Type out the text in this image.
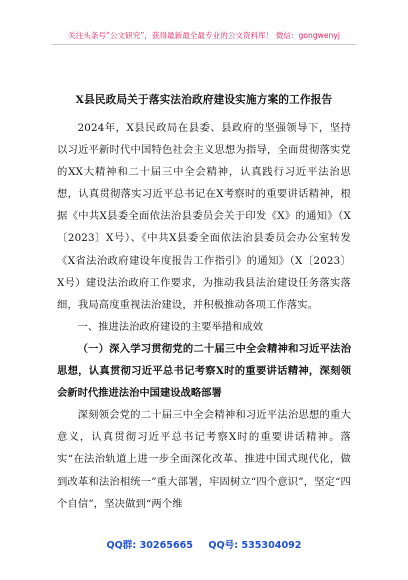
关注头条号“公文研究”，获得最新最全最专业的公文资料库！ 微信：gongwenyj
X县民政局关于落实法治政府建设实施方案的工作报告

2024年，X县民政局在县委、县政府的坚强领导下，坚持以习近平新时代中国特色社会主义思想为指导，全面贯彻落实党的XX大精神和二十届三中全会精神，认真践行习近平法治思想，认真贯彻落实习近平总书记在X考察时的重要讲话精神，根据《中共X县委全面依法治县委员会关于印发《X》的通知》（X〔2023〕X号）、《中共X县委全面依法治县委员会办公室转发《X省法治政府建设年度报告工作指引》的通知》（X〔2023〕X号）建设法治政府工作要求，为推动我县法治建设任务落实落细，我局高度重视法治建设，并积极推动各项工作落实。

一、推进法治政府建设的主要举措和成效

（一）深入学习贯彻党的二十届三中全会精神和习近平法治思想，认真贯彻习近平总书记考察X时的重要讲话精神，深刻领会新时代推进法治中国建设战略部署

深刻领会党的二十届三中全会精神和习近平法治思想的重大意义，认真贯彻习近平总书记考察X时的重要讲话精神。落实“在法治轨道上进一步全面深化改革、推进中国式现代化，做到改革和法治相统一”重大部署，牢固树立“四个意识”，坚定“四个自信”，坚决做到“两个维

QQ群: 30265665 QQ号: 535304092
